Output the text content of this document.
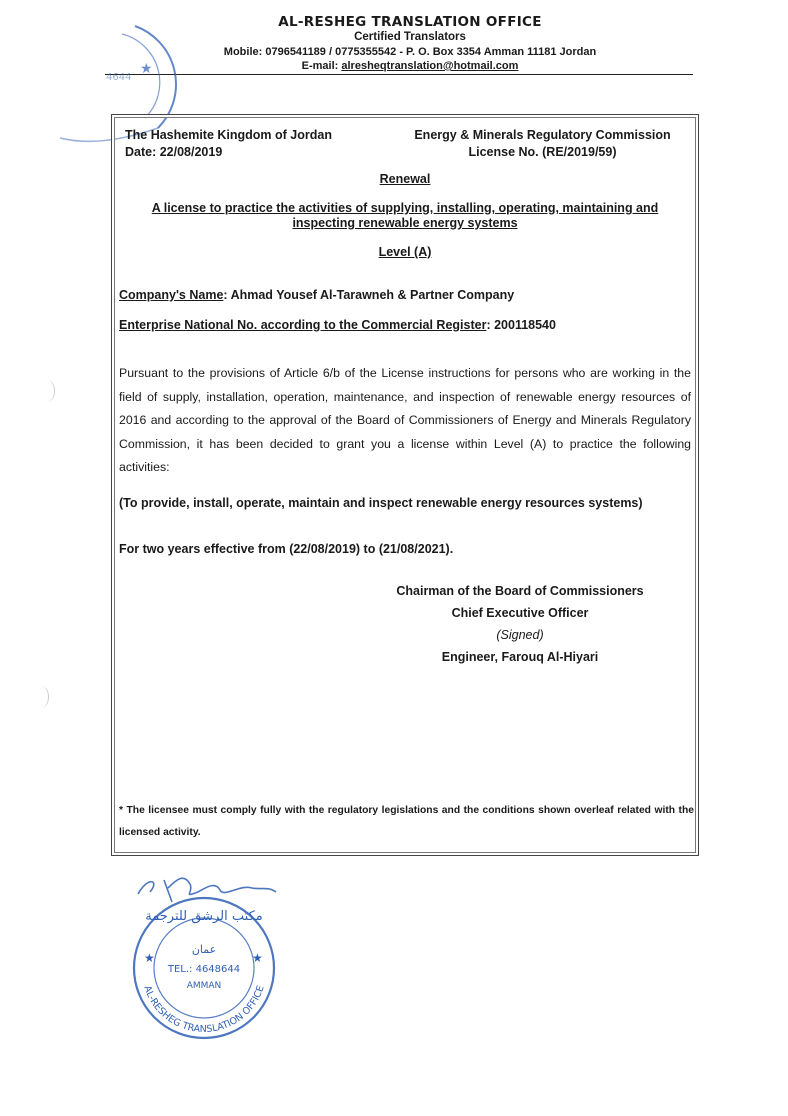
AL-RESHEG TRANSLATION OFFICE
Certified Translators
Mobile: 0796541189 / 0775355542 - P. O. Box 3354 Amman 11181 Jordan
E-mail: alresheqtranslation@hotmail.com
4644
★
The Hashemite Kingdom of Jordan
Date: 22/08/2019
Energy & Minerals Regulatory Commission
License No. (RE/2019/59)
Renewal
A license to practice the activities of supplying, installing, operating, maintaining and
inspecting renewable energy systems
Level (A)
Company's Name: Ahmad Yousef Al-Tarawneh & Partner Company
Enterprise National No. according to the Commercial Register: 200118540
Pursuant to the provisions of Article 6/b of the License instructions for persons who are working in the field of supply, installation, operation, maintenance, and inspection of renewable energy resources of 2016 and according to the approval of the Board of Commissioners of Energy and Minerals Regulatory Commission, it has been decided to grant you a license within Level (A) to practice the following activities:
(To provide, install, operate, maintain and inspect renewable energy resources systems)
For two years effective from (22/08/2019) to (21/08/2021).
Chairman of the Board of Commissioners
Chief Executive Officer
(Signed)
Engineer, Farouq Al-Hiyari
* The licensee must comply fully with the regulatory legislations and the conditions shown overleaf related with the licensed activity.
مكتب الرشق للترجمة
عمان
TEL.: 4648644
AMMAN
AL-RESHEG TRANSLATION OFFICE
★	★
